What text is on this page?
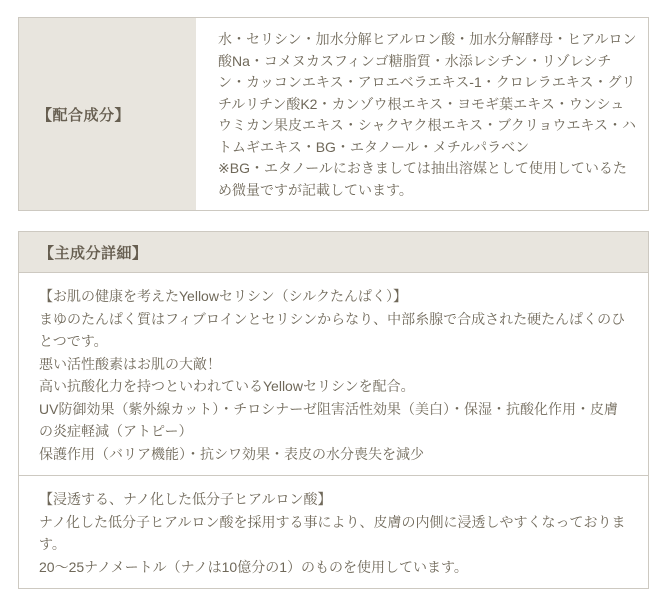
【配合成分】
水・セリシン・加水分解ヒアルロン酸・加水分解酵母・ヒアルロン酸Na・コメヌカスフィンゴ糖脂質・水添レシチン・リゾレシチン・カッコンエキス・アロエベラエキス-1・クロレラエキス・グリチルリチン酸K2・カンゾウ根エキス・ヨモギ葉エキス・ウンシュウミカン果皮エキス・シャクヤク根エキス・ブクリョウエキス・ハトムギエキス・BG・エタノール・メチルパラベン
※BG・エタノールにおきましては抽出溶媒として使用しているため微量ですが記載しています。
【主成分詳細】
【お肌の健康を考えたYellowセリシン（シルクたんぱく）】
まゆのたんぱく質はフィブロインとセリシンからなり、中部糸腺で合成された硬たんぱくのひとつです。
悪い活性酸素はお肌の大敵！
高い抗酸化力を持つといわれているYellowセリシンを配合。
UV防御効果（紫外線カット）・チロシナーゼ阻害活性効果（美白）・保湿・抗酸化作用・皮膚の炎症軽減（アトピー）
保護作用（バリア機能）・抗シワ効果・表皮の水分喪失を減少
【浸透する、ナノ化した低分子ヒアルロン酸】
ナノ化した低分子ヒアルロン酸を採用する事により、皮膚の内側に浸透しやすくなっております。
20～25ナノメートル（ナノは10億分の1）のものを使用しています。
